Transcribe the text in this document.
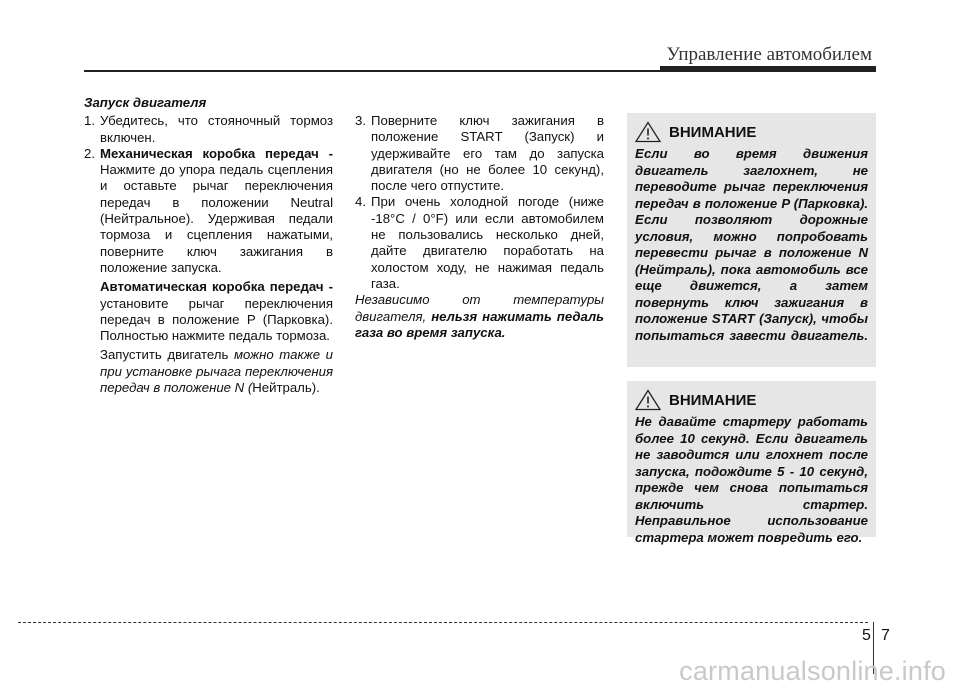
Управление автомобилем

Запуск двигателя

1. Убедитесь, что стояночный тормоз включен.
2. Механическая коробка передач - Нажмите до упора педаль сцепления и оставьте рычаг переключения передач в положении Neutral (Нейтральное). Удерживая педали тормоза и сцепления нажатыми, поверните ключ зажигания в положение запуска.

Автоматическая коробка передач - установите рычаг переключения передач в положение P (Парковка). Полностью нажмите педаль тормоза.

Запустить двигатель можно также и при установке рычага переключения передач в положение N (Нейтраль).

3. Поверните ключ зажигания в положение START (Запуск) и удерживайте его там до запуска двигателя (но не более 10 секунд), после чего отпустите.
4. При очень холодной погоде (ниже -18°C / 0°F) или если автомобилем не пользовались несколько дней, дайте двигателю поработать на холостом ходу, не нажимая педаль газа.

Независимо от температуры двигателя, нельзя нажимать педаль газа во время запуска.

ВНИМАНИЕ
Если во время движения двигатель заглохнет, не переводите рычаг переключения передач в положение P (Парковка). Если позволяют дорожные условия, можно попробовать перевести рычаг в положение N (Нейтраль), пока автомобиль все еще движется, а затем повернуть ключ зажигания в положение START (Запуск), чтобы попытаться завести двигатель.
ВНИМАНИЕ
Не давайте стартеру работать более 10 секунд. Если двигатель не заводится или глохнет после запуска, подождите 5 - 10 секунд, прежде чем снова попытаться включить стартер. Неправильное использование стартера может повредить его.
5 7
carmanualsonline.info
